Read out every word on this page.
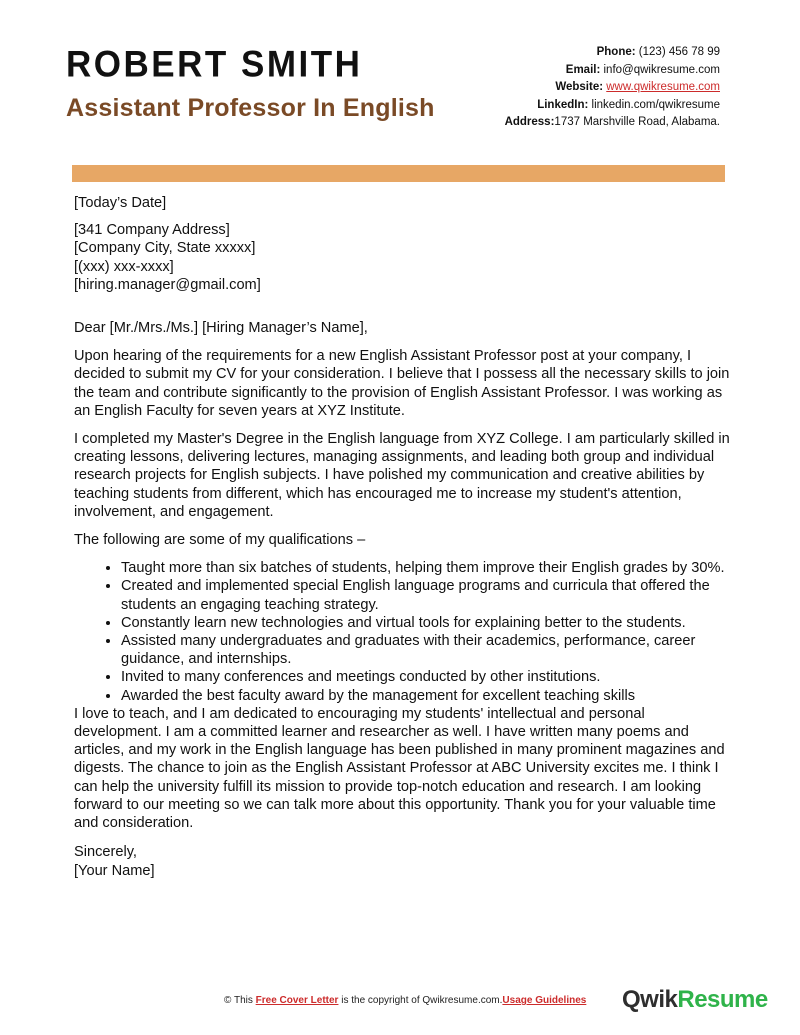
ROBERT SMITH
Assistant Professor In English
Phone: (123) 456 78 99
Email: info@qwikresume.com
Website: www.qwikresume.com
LinkedIn: linkedin.com/qwikresume
Address:1737 Marshville Road, Alabama.

[Today’s Date]

[341 Company Address]

[Company City, State xxxxx]

[(xxx) xxx-xxxx]

[hiring.manager@gmail.com]

Dear [Mr./Mrs./Ms.] [Hiring Manager’s Name],

Upon hearing of the requirements for a new English Assistant Professor post at your company, I decided to submit my CV for your consideration. I believe that I possess all the necessary skills to join the team and contribute significantly to the provision of English Assistant Professor. I was working as an English Faculty for seven years at XYZ Institute.

I completed my Master's Degree in the English language from XYZ College. I am particularly skilled in creating lessons, delivering lectures, managing assignments, and leading both group and individual research projects for English subjects. I have polished my communication and creative abilities by teaching students from different, which has encouraged me to increase my student's attention, involvement, and engagement.

The following are some of my qualifications –

• Taught more than six batches of students, helping them improve their English grades by 30%.
• Created and implemented special English language programs and curricula that offered the students an engaging teaching strategy.
• Constantly learn new technologies and virtual tools for explaining better to the students.
• Assisted many undergraduates and graduates with their academics, performance, career guidance, and internships.
• Invited to many conferences and meetings conducted by other institutions.
• Awarded the best faculty award by the management for excellent teaching skills

I love to teach, and I am dedicated to encouraging my students' intellectual and personal development. I am a committed learner and researcher as well. I have written many poems and articles, and my work in the English language has been published in many prominent magazines and digests. The chance to join as the English Assistant Professor at ABC University excites me. I think I can help the university fulfill its mission to provide top-notch education and research. I am looking forward to our meeting so we can talk more about this opportunity. Thank you for your valuable time and consideration.

Sincerely,

[Your Name]

© This Free Cover Letter is the copyright of Qwikresume.com.Usage Guidelines QwikResume
